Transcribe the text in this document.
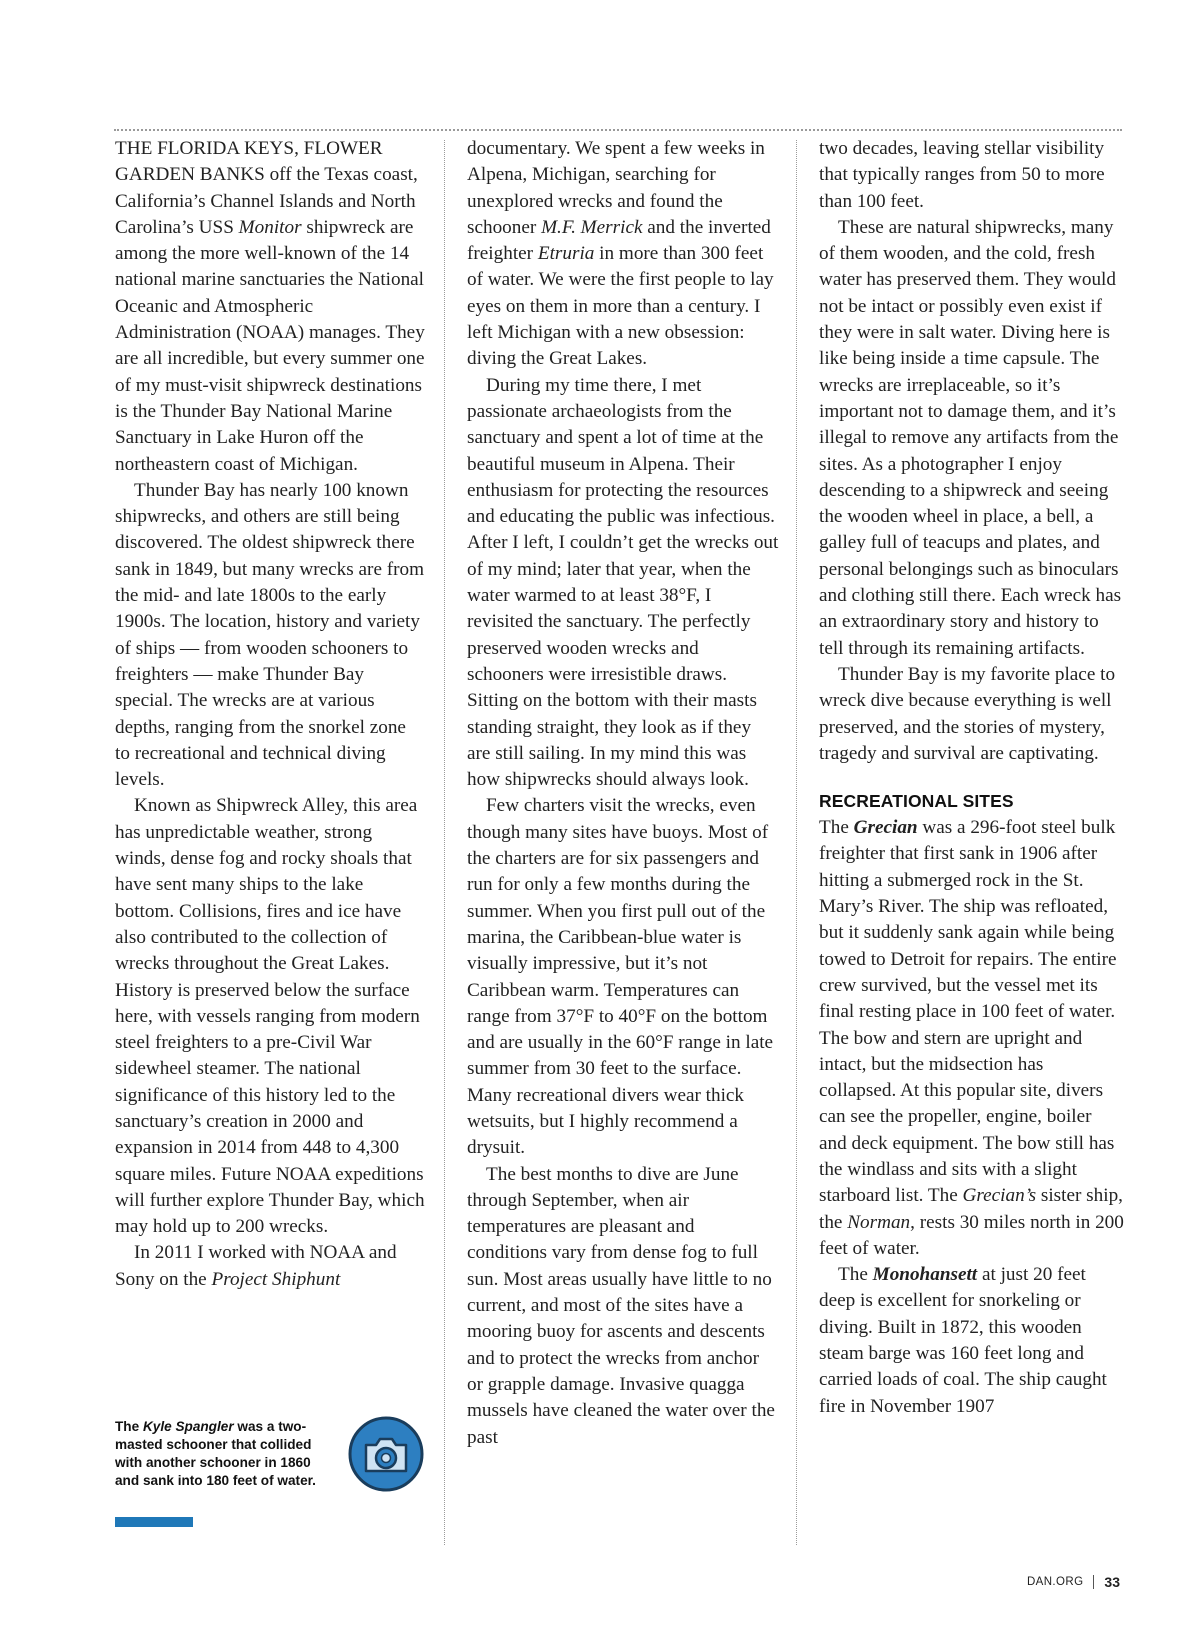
THE FLORIDA KEYS, FLOWER GARDEN BANKS off the Texas coast, California’s Channel Islands and North Carolina’s USS Monitor shipwreck are among the more well-known of the 14 national marine sanctuaries the National Oceanic and Atmospheric Administration (NOAA) manages. They are all incredible, but every summer one of my must-visit shipwreck destinations is the Thunder Bay National Marine Sanctuary in Lake Huron off the northeastern coast of Michigan.

Thunder Bay has nearly 100 known shipwrecks, and others are still being discovered. The oldest shipwreck there sank in 1849, but many wrecks are from the mid- and late 1800s to the early 1900s. The location, history and variety of ships — from wooden schooners to freighters — make Thunder Bay special. The wrecks are at various depths, ranging from the snorkel zone to recreational and technical diving levels.

Known as Shipwreck Alley, this area has unpredictable weather, strong winds, dense fog and rocky shoals that have sent many ships to the lake bottom. Collisions, fires and ice have also contributed to the collection of wrecks throughout the Great Lakes. History is preserved below the surface here, with vessels ranging from modern steel freighters to a pre-Civil War sidewheel steamer. The national significance of this history led to the sanctuary’s creation in 2000 and expansion in 2014 from 448 to 4,300 square miles. Future NOAA expeditions will further explore Thunder Bay, which may hold up to 200 wrecks.

In 2011 I worked with NOAA and Sony on the Project Shiphunt

documentary. We spent a few weeks in Alpena, Michigan, searching for unexplored wrecks and found the schooner M.F. Merrick and the inverted freighter Etruria in more than 300 feet of water. We were the first people to lay eyes on them in more than a century. I left Michigan with a new obsession: diving the Great Lakes.

During my time there, I met passionate archaeologists from the sanctuary and spent a lot of time at the beautiful museum in Alpena. Their enthusiasm for protecting the resources and educating the public was infectious. After I left, I couldn’t get the wrecks out of my mind; later that year, when the water warmed to at least 38°F, I revisited the sanctuary. The perfectly preserved wooden wrecks and schooners were irresistible draws. Sitting on the bottom with their masts standing straight, they look as if they are still sailing. In my mind this was how shipwrecks should always look.

Few charters visit the wrecks, even though many sites have buoys. Most of the charters are for six passengers and run for only a few months during the summer. When you first pull out of the marina, the Caribbean-blue water is visually impressive, but it’s not Caribbean warm. Temperatures can range from 37°F to 40°F on the bottom and are usually in the 60°F range in late summer from 30 feet to the surface. Many recreational divers wear thick wetsuits, but I highly recommend a drysuit.

The best months to dive are June through September, when air temperatures are pleasant and conditions vary from dense fog to full sun. Most areas usually have little to no current, and most of the sites have a mooring buoy for ascents and descents and to protect the wrecks from anchor or grapple damage. Invasive quagga mussels have cleaned the water over the past

two decades, leaving stellar visibility that typically ranges from 50 to more than 100 feet.

These are natural shipwrecks, many of them wooden, and the cold, fresh water has preserved them. They would not be intact or possibly even exist if they were in salt water. Diving here is like being inside a time capsule. The wrecks are irreplaceable, so it’s important not to damage them, and it’s illegal to remove any artifacts from the sites. As a photographer I enjoy descending to a shipwreck and seeing the wooden wheel in place, a bell, a galley full of teacups and plates, and personal belongings such as binoculars and clothing still there. Each wreck has an extraordinary story and history to tell through its remaining artifacts.

Thunder Bay is my favorite place to wreck dive because everything is well preserved, and the stories of mystery, tragedy and survival are captivating.

RECREATIONAL SITES

The Grecian was a 296-foot steel bulk freighter that first sank in 1906 after hitting a submerged rock in the St. Mary’s River. The ship was refloated, but it suddenly sank again while being towed to Detroit for repairs. The entire crew survived, but the vessel met its final resting place in 100 feet of water. The bow and stern are upright and intact, but the midsection has collapsed. At this popular site, divers can see the propeller, engine, boiler and deck equipment. The bow still has the windlass and sits with a slight starboard list. The Grecian’s sister ship, the Norman, rests 30 miles north in 200 feet of water.

The Monohansett at just 20 feet deep is excellent for snorkeling or diving. Built in 1872, this wooden steam barge was 160 feet long and carried loads of coal. The ship caught fire in November 1907

The Kyle Spangler was a two-masted schooner that collided with another schooner in 1860 and sank into 180 feet of water.
DAN.ORG 33
